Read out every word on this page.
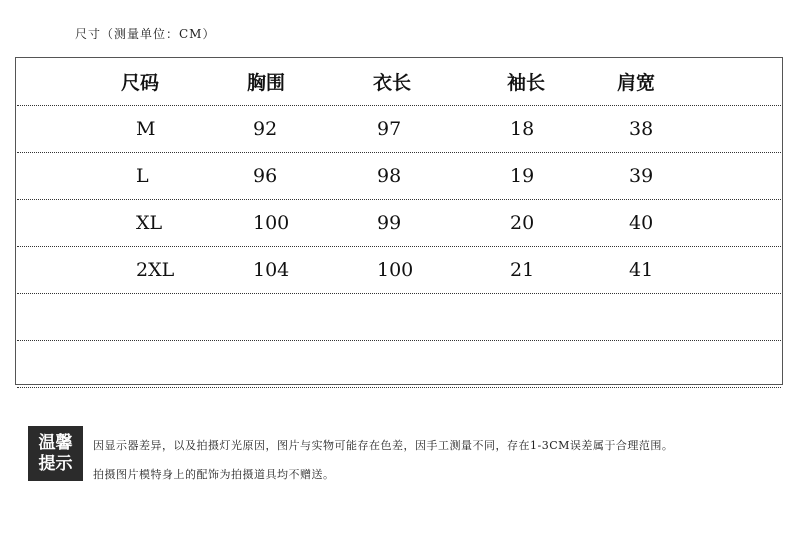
尺寸（测量单位：CM）
尺码	胸围	衣长	袖长	肩宽
M	92	97	18	38
L	96	98	19	39
XL	100	99	20	40
2XL	104	100	21	41
温馨
提示
因显示器差异，以及拍摄灯光原因，图片与实物可能存在色差，因手工测量不同，存在1-3CM误差属于合理范围。
拍摄图片模特身上的配饰为拍摄道具均不赠送。
